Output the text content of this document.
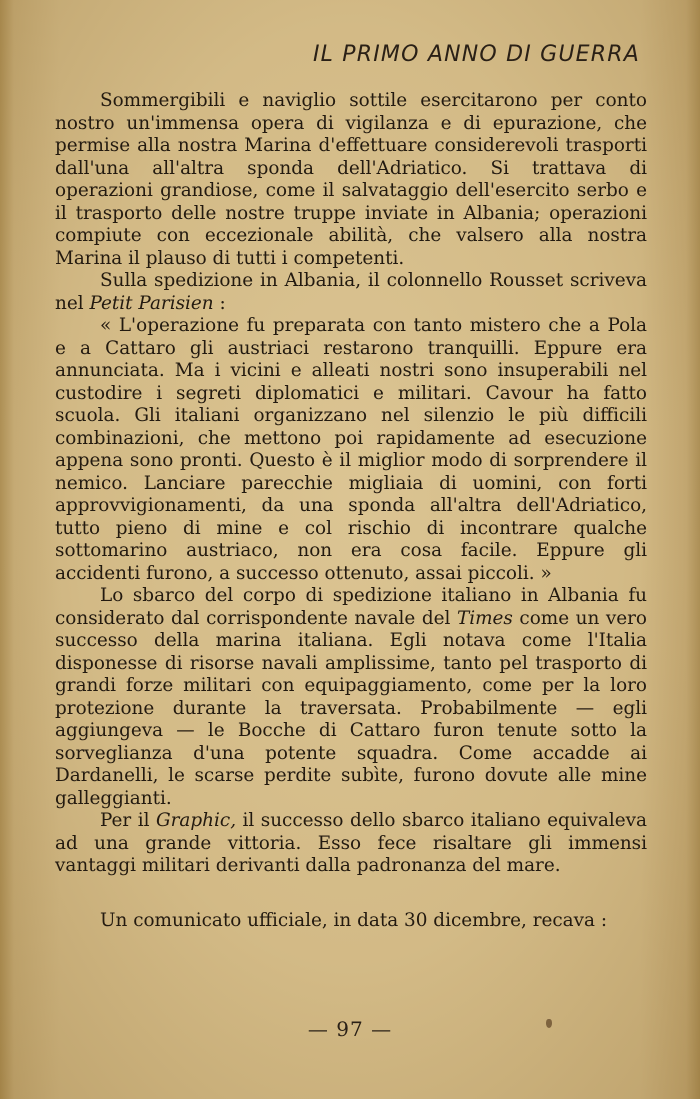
IL PRIMO ANNO DI GUERRA

Sommergibili e naviglio sottile esercitarono per conto nostro un'immensa opera di vigilanza e di epurazione, che permise alla nostra Marina d'effettuare considerevoli trasporti dall'una all'altra sponda dell'Adriatico. Si trattava di operazioni grandiose, come il salvataggio dell'esercito serbo e il trasporto delle nostre truppe inviate in Albania; operazioni compiute con eccezionale abilità, che valsero alla nostra Marina il plauso di tutti i competenti.

Sulla spedizione in Albania, il colonnello Rousset scriveva nel Petit Parisien :

« L'operazione fu preparata con tanto mistero che a Pola e a Cattaro gli austriaci restarono tranquilli. Eppure era annunciata. Ma i vicini e alleati nostri sono insuperabili nel custodire i segreti diplomatici e militari. Cavour ha fatto scuola. Gli italiani organizzano nel silenzio le più difficili combinazioni, che mettono poi rapidamente ad esecuzione appena sono pronti. Questo è il miglior modo di sorprendere il nemico. Lanciare parecchie migliaia di uomini, con forti approvvigionamenti, da una sponda all'altra dell'Adriatico, tutto pieno di mine e col rischio di incontrare qualche sottomarino austriaco, non era cosa facile. Eppure gli accidenti furono, a successo ottenuto, assai piccoli. »

Lo sbarco del corpo di spedizione italiano in Albania fu considerato dal corrispondente navale del Times come un vero successo della marina italiana. Egli notava come l'Italia disponesse di risorse navali amplissime, tanto pel trasporto di grandi forze militari con equipaggiamento, come per la loro protezione durante la traversata. Probabilmente — egli aggiungeva — le Bocche di Cattaro furon tenute sotto la sorveglianza d'una potente squadra. Come accadde ai Dardanelli, le scarse perdite subìte, furono dovute alle mine galleggianti.

Per il Graphic, il successo dello sbarco italiano equivaleva ad una grande vittoria. Esso fece risaltare gli immensi vantaggi militari derivanti dalla padronanza del mare.

Un comunicato ufficiale, in data 30 dicembre, recava :

— 97 —
